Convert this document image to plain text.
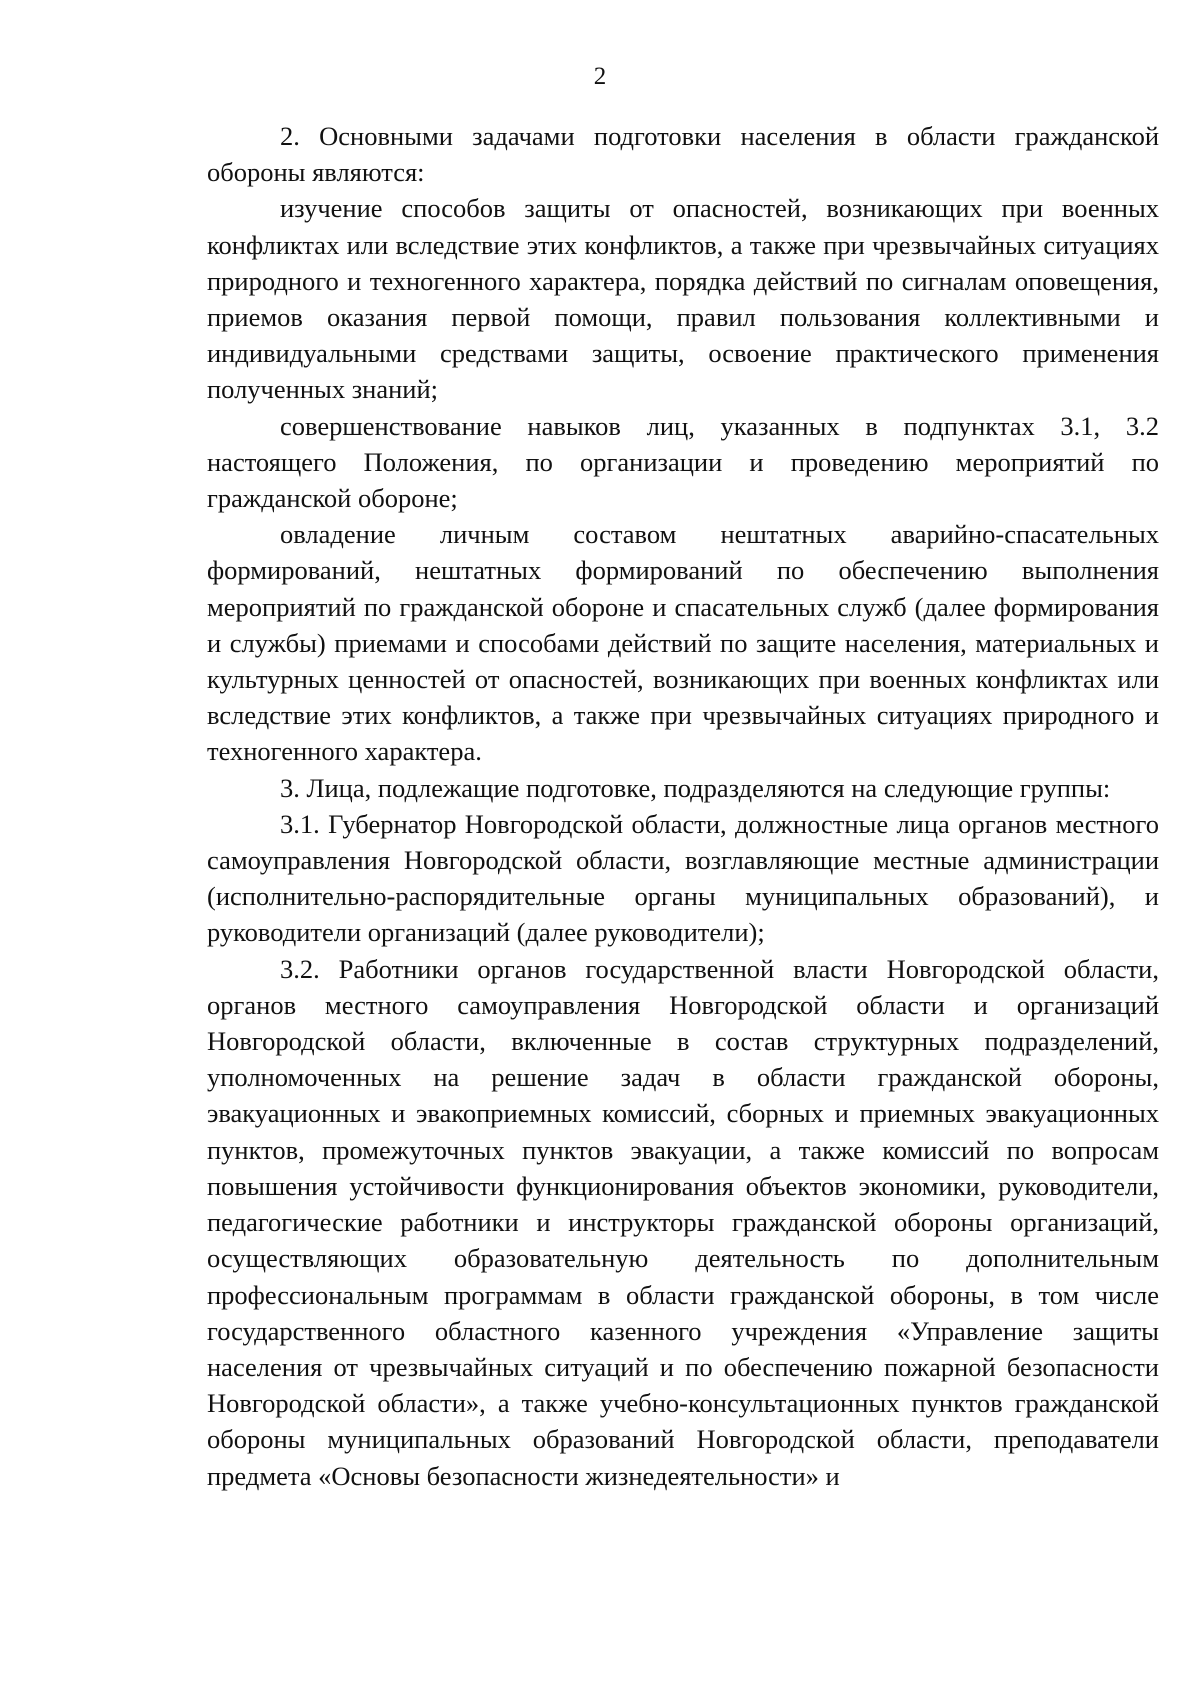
2

2. Основными задачами подготовки населения в области гражданской обороны являются:

изучение способов защиты от опасностей, возникающих при военных конфликтах или вследствие этих конфликтов, а также при чрезвычайных ситуациях природного и техногенного характера, порядка действий по сигналам оповещения, приемов оказания первой помощи, правил пользования коллективными и индивидуальными средствами защиты, освоение практического применения полученных знаний;

совершенствование навыков лиц, указанных в подпунктах 3.1, 3.2 настоящего Положения, по организации и проведению мероприятий по гражданской обороне;

овладение личным составом нештатных аварийно-спасательных формирований, нештатных формирований по обеспечению выполнения мероприятий по гражданской обороне и спасательных служб (далее формирования и службы) приемами и способами действий по защите населения, материальных и культурных ценностей от опасностей, возникающих при военных конфликтах или вследствие этих конфликтов, а также при чрезвычайных ситуациях природного и техногенного характера.

3. Лица, подлежащие подготовке, подразделяются на следующие группы:

3.1. Губернатор Новгородской области, должностные лица органов местного самоуправления Новгородской области, возглавляющие местные администрации (исполнительно-распорядительные органы муниципальных образований), и руководители организаций (далее руководители);

3.2. Работники органов государственной власти Новгородской области, органов местного самоуправления Новгородской области и организаций Новгородской области, включенные в состав структурных подразделений, уполномоченных на решение задач в области гражданской обороны, эвакуационных и эвакоприемных комиссий, сборных и приемных эвакуационных пунктов, промежуточных пунктов эвакуации, а также комиссий по вопросам повышения устойчивости функционирования объектов экономики, руководители, педагогические работники и инструкторы гражданской обороны организаций, осуществляющих образовательную деятельность по дополнительным профессиональным программам в области гражданской обороны, в том числе государственного областного казенного учреждения «Управление защиты населения от чрезвычайных ситуаций и по обеспечению пожарной безопасности Новгородской области», а также учебно-консультационных пунктов гражданской обороны муниципальных образований Новгородской области, преподаватели предмета «Основы безопасности жизнедеятельности» и
